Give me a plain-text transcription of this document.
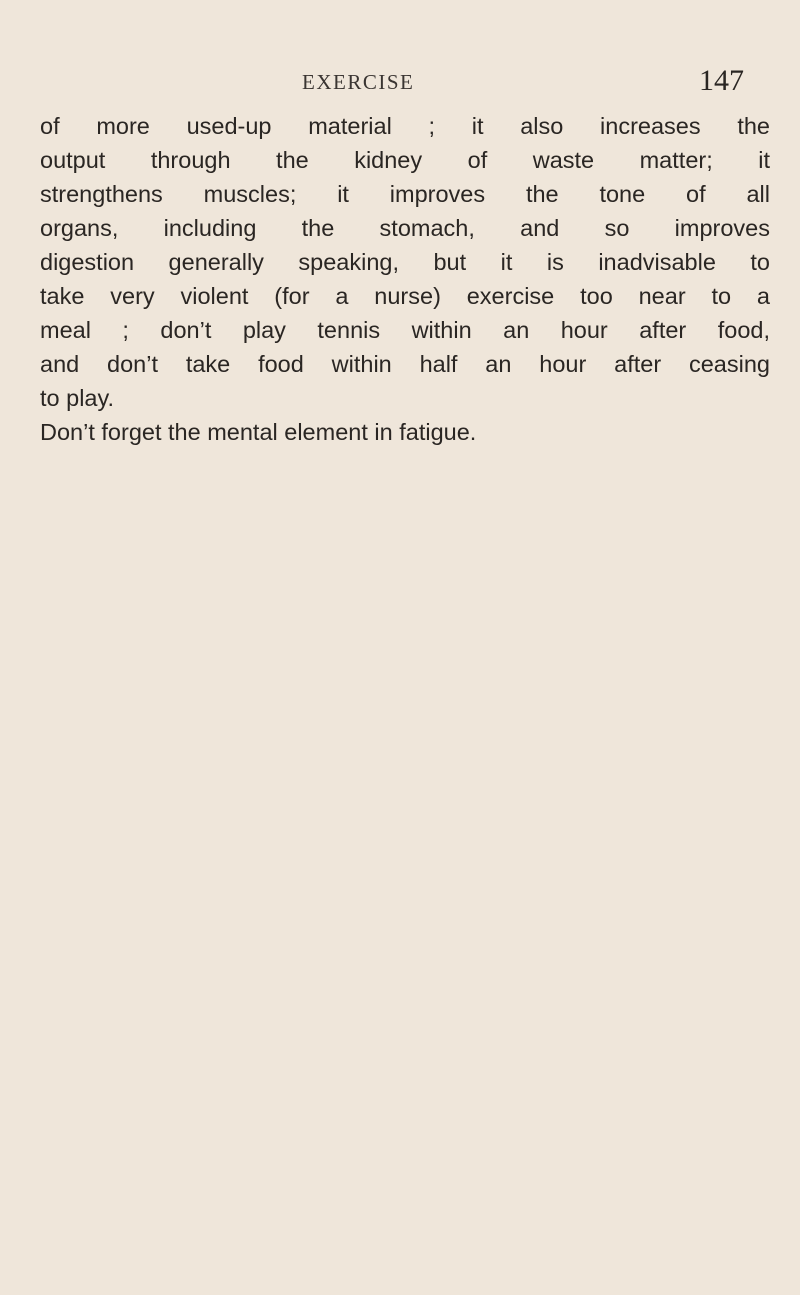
EXERCISE	147
of more used-up material ; it also increases the
output through the kidney of waste matter; it
strengthens muscles; it improves the tone of all
organs, including the stomach, and so improves
digestion generally speaking, but it is inadvisable to
take very violent (for a nurse) exercise too near to a
meal ; don’t play tennis within an hour after food,
and don’t take food within half an hour after ceasing
to play.
Don’t forget the mental element in fatigue.
